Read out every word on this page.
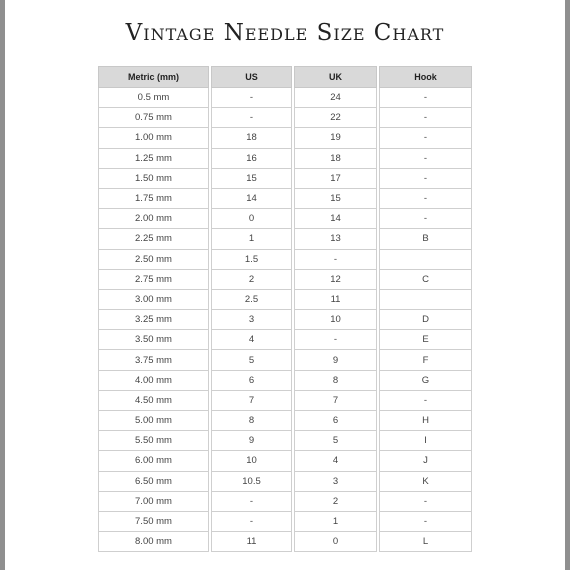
Vintage Needle Size Chart
Metric (mm)		US		UK		Hook
0.5 mm		-		24		-
0.75 mm		-		22		-
1.00 mm		18		19		-
1.25 mm		16		18		-
1.50 mm		15		17		-
1.75 mm		14		15		-
2.00 mm		0		14		-
2.25 mm		1		13		B
2.50 mm		1.5		-		
2.75 mm		2		12		C
3.00 mm		2.5		11		
3.25 mm		3		10		D
3.50 mm		4		-		E
3.75 mm		5		9		F
4.00 mm		6		8		G
4.50 mm		7		7		-
5.00 mm		8		6		H
5.50 mm		9		5		I
6.00 mm		10		4		J
6.50 mm		10.5		3		K
7.00 mm		-		2		-
7.50 mm		-		1		-
8.00 mm		11		0		L
